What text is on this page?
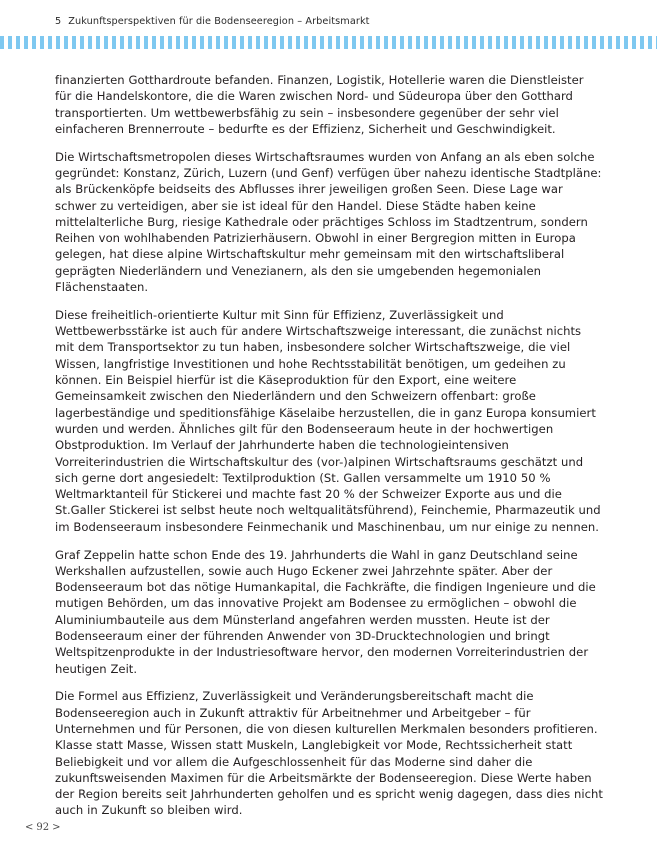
5 Zukunftsperspektiven für die Bodenseeregion – Arbeitsmarkt

finanzierten Gotthardroute befanden. Finanzen, Logistik, Hotellerie waren die Dienstleister für die Handelskontore, die die Waren zwischen Nord- und Südeuropa über den Gotthard transportierten. Um wettbewerbsfähig zu sein – insbesondere gegenüber der sehr viel einfacheren Brennerroute – bedurfte es der Effizienz, Sicherheit und Geschwindigkeit.

Die Wirtschaftsmetropolen dieses Wirtschaftsraumes wurden von Anfang an als eben solche gegründet: Konstanz, Zürich, Luzern (und Genf) verfügen über nahezu identische Stadtpläne: als Brückenköpfe beidseits des Abflusses ihrer jeweiligen großen Seen. Diese Lage war schwer zu verteidigen, aber sie ist ideal für den Handel. Diese Städte haben keine mittelalterliche Burg, riesige Kathedrale oder prächtiges Schloss im Stadtzentrum, sondern Reihen von wohlhabenden Patrizierhäusern. Obwohl in einer Bergregion mitten in Europa gelegen, hat diese alpine Wirtschaftskultur mehr gemeinsam mit den wirtschaftsliberal geprägten Niederländern und Venezianern, als den sie umgebenden hegemonialen Flächenstaaten.

Diese freiheitlich-orientierte Kultur mit Sinn für Effizienz, Zuverlässigkeit und Wettbewerbsstärke ist auch für andere Wirtschaftszweige interessant, die zunächst nichts mit dem Transportsektor zu tun haben, insbesondere solcher Wirtschaftszweige, die viel Wissen, langfristige Investitionen und hohe Rechtsstabilität benötigen, um gedeihen zu können. Ein Beispiel hierfür ist die Käseproduktion für den Export, eine weitere Gemeinsamkeit zwischen den Niederländern und den Schweizern offenbart: große lagerbeständige und speditionsfähige Käselaibe herzustellen, die in ganz Europa konsumiert wurden und werden. Ähnliches gilt für den Bodenseeraum heute in der hochwertigen Obstproduktion. Im Verlauf der Jahrhunderte haben die technologieintensiven Vorreiterindustrien die Wirtschaftskultur des (vor-)alpinen Wirtschaftsraums geschätzt und sich gerne dort angesiedelt: Textilproduktion (St. Gallen versammelte um 1910 50 % Weltmarktanteil für Stickerei und machte fast 20 % der Schweizer Exporte aus und die St.Galler Stickerei ist selbst heute noch weltqualitätsführend), Feinchemie, Pharmazeutik und im Bodenseeraum insbesondere Feinmechanik und Maschinenbau, um nur einige zu nennen.

Graf Zeppelin hatte schon Ende des 19. Jahrhunderts die Wahl in ganz Deutschland seine Werkshallen aufzustellen, sowie auch Hugo Eckener zwei Jahrzehnte später. Aber der Bodenseeraum bot das nötige Humankapital, die Fachkräfte, die findigen Ingenieure und die mutigen Behörden, um das innovative Projekt am Bodensee zu ermöglichen – obwohl die Aluminiumbauteile aus dem Münsterland angefahren werden mussten. Heute ist der Bodenseeraum einer der führenden Anwender von 3D-Drucktechnologien und bringt Weltspitzenprodukte in der Industriesoftware hervor, den modernen Vorreiterindustrien der heutigen Zeit.

Die Formel aus Effizienz, Zuverlässigkeit und Veränderungsbereitschaft macht die Bodenseeregion auch in Zukunft attraktiv für Arbeitnehmer und Arbeitgeber – für Unternehmen und für Personen, die von diesen kulturellen Merkmalen besonders profitieren. Klasse statt Masse, Wissen statt Muskeln, Langlebigkeit vor Mode, Rechtssicherheit statt Beliebigkeit und vor allem die Aufgeschlossenheit für das Moderne sind daher die zukunftsweisenden Maximen für die Arbeitsmärkte der Bodenseeregion. Diese Werte haben der Region bereits seit Jahrhunderten geholfen und es spricht wenig dagegen, dass dies nicht auch in Zukunft so bleiben wird.

< 92 >
